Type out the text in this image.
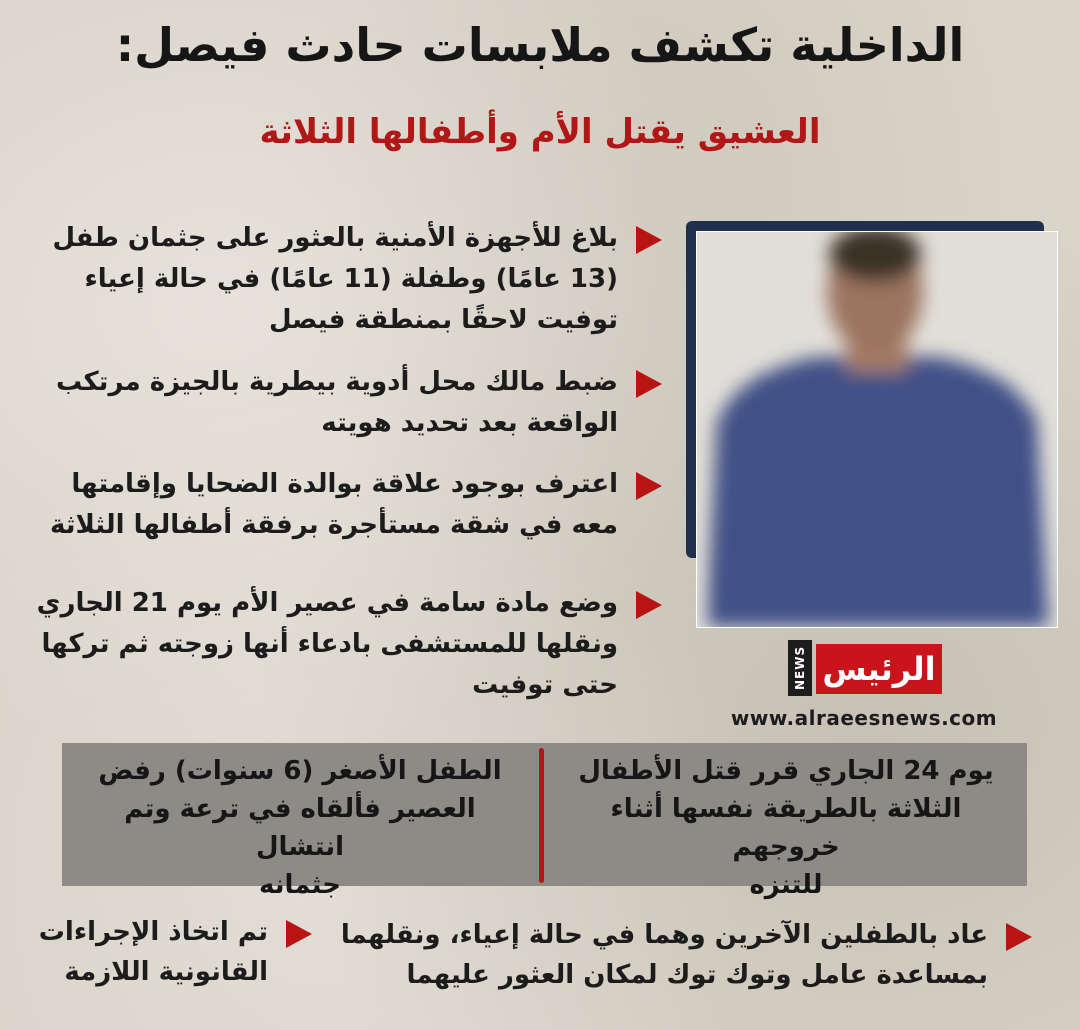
الداخلية تكشف ملابسات حادث فيصل:
العشيق يقتل الأم وأطفالها الثلاثة
بلاغ للأجهزة الأمنية بالعثور على جثمان طفل
(13 عامًا) وطفلة (11 عامًا) في حالة إعياء
توفيت لاحقًا بمنطقة فيصل
ضبط مالك محل أدوية بيطرية بالجيزة مرتكب
الواقعة بعد تحديد هويته
اعترف بوجود علاقة بوالدة الضحايا وإقامتها
معه في شقة مستأجرة برفقة أطفالها الثلاثة
وضع مادة سامة في عصير الأم يوم 21 الجاري
ونقلها للمستشفى بادعاء أنها زوجته ثم تركها
حتى توفيت	NEWS الرئيس
www.alraeesnews.com
يوم 24 الجاري قرر قتل الأطفال
الثلاثة بالطريقة نفسها أثناء خروجهم
للتنزه
الطفل الأصغر (6 سنوات) رفض
العصير فألقاه في ترعة وتم انتشال
جثمانه
عاد بالطفلين الآخرين وهما في حالة إعياء، ونقلهما
بمساعدة عامل وتوك توك لمكان العثور عليهما
تم اتخاذ الإجراءات
القانونية اللازمة
